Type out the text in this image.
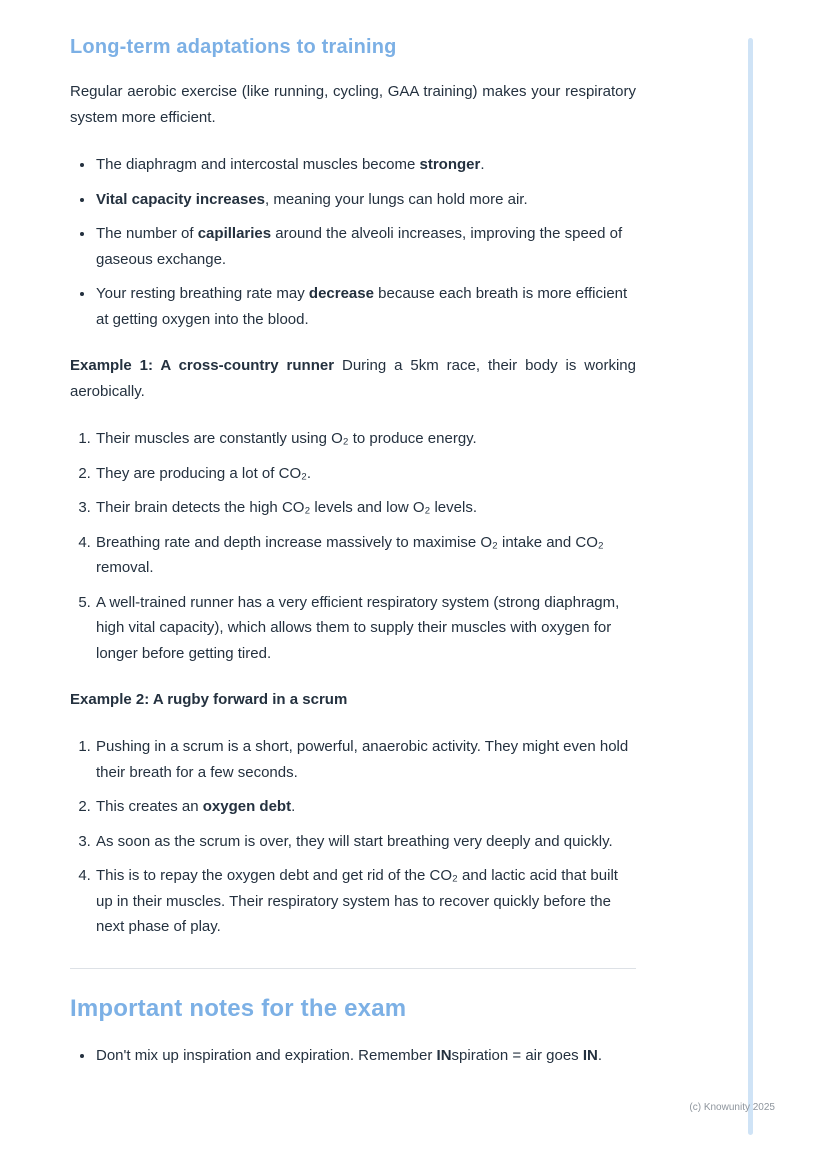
Long-term adaptations to training

Regular aerobic exercise (like running, cycling, GAA training) makes your respiratory system more efficient.

• The diaphragm and intercostal muscles become stronger.
• Vital capacity increases, meaning your lungs can hold more air.
• The number of capillaries around the alveoli increases, improving the speed of gaseous exchange.
• Your resting breathing rate may decrease because each breath is more efficient at getting oxygen into the blood.

Example 1: A cross-country runner During a 5km race, their body is working aerobically.

1. Their muscles are constantly using O₂ to produce energy.
2. They are producing a lot of CO₂.
3. Their brain detects the high CO₂ levels and low O₂ levels.
4. Breathing rate and depth increase massively to maximise O₂ intake and CO₂ removal.
5. A well-trained runner has a very efficient respiratory system (strong diaphragm, high vital capacity), which allows them to supply their muscles with oxygen for longer before getting tired.

Example 2: A rugby forward in a scrum

1. Pushing in a scrum is a short, powerful, anaerobic activity. They might even hold their breath for a few seconds.
2. This creates an oxygen debt.
3. As soon as the scrum is over, they will start breathing very deeply and quickly.
4. This is to repay the oxygen debt and get rid of the CO₂ and lactic acid that built up in their muscles. Their respiratory system has to recover quickly before the next phase of play.
Important notes for the exam
• Don't mix up inspiration and expiration. Remember INspiration = air goes IN.
(c) Knowunity 2025
